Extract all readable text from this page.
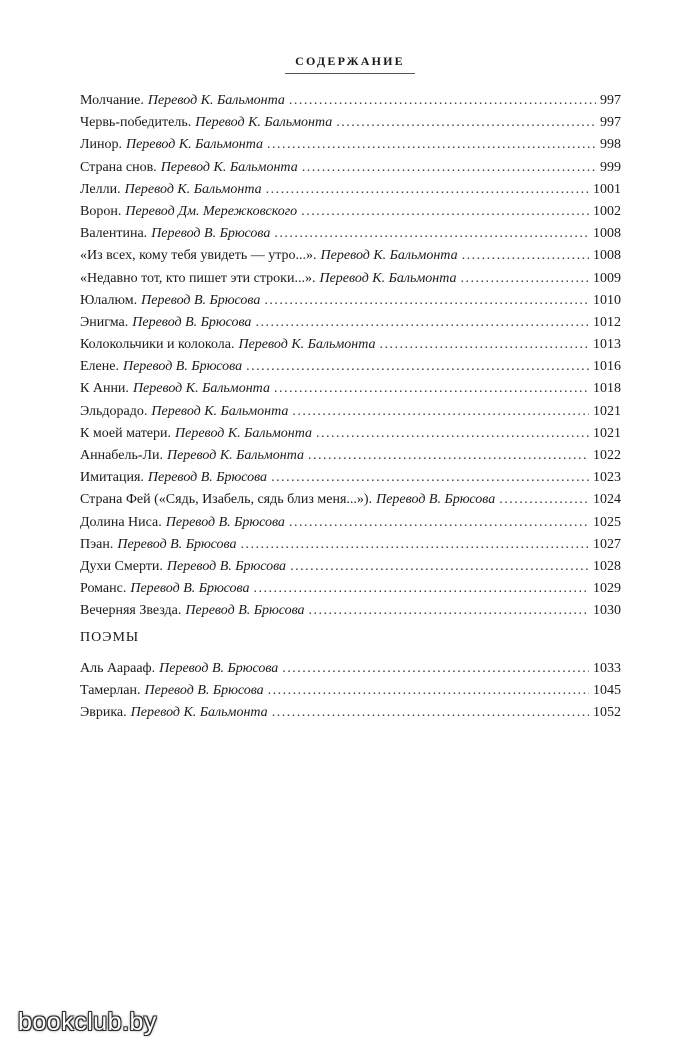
СОДЕРЖАНИЕ
Молчание. Перевод К. Бальмонта . . .	997
Червь-победитель. Перевод К. Бальмонта . . .	997
Линор. Перевод К. Бальмонта . . .	998
Страна снов. Перевод К. Бальмонта . . .	999
Лелли. Перевод К. Бальмонта . . .	1001
Ворон. Перевод Дм. Мережковского . . .	1002
Валентина. Перевод В. Брюсова . . .	1008
«Из всех, кому тебя увидеть — утро...». Перевод К. Бальмонта . . .	1008
«Недавно тот, кто пишет эти строки...». Перевод К. Бальмонта . . .	1009
Юлалюм. Перевод В. Брюсова . . .	1010
Энигма. Перевод В. Брюсова . . .	1012
Колокольчики и колокола. Перевод К. Бальмонта . . .	1013
Елене. Перевод В. Брюсова . . .	1016
К Анни. Перевод К. Бальмонта . . .	1018
Эльдорадо. Перевод К. Бальмонта . . .	1021
К моей матери. Перевод К. Бальмонта . . .	1021
Аннабель-Ли. Перевод К. Бальмонта . . .	1022
Имитация. Перевод В. Брюсова . . .	1023
Страна Фей («Сядь, Изабель, сядь близ меня...»). Перевод В. Брюсова . . .	1024
Долина Ниса. Перевод В. Брюсова . . .	1025
Пэан. Перевод В. Брюсова . . .	1027
Духи Смерти. Перевод В. Брюсова . . .	1028
Романс. Перевод В. Брюсова . . .	1029
Вечерняя Звезда. Перевод В. Брюсова . . .	1030
ПОЭМЫ
Аль Аарааф. Перевод В. Брюсова . . .	1033
Тамерлан. Перевод В. Брюсова . . .	1045
Эврика. Перевод К. Бальмонта . . .	1052
bookclub.by
